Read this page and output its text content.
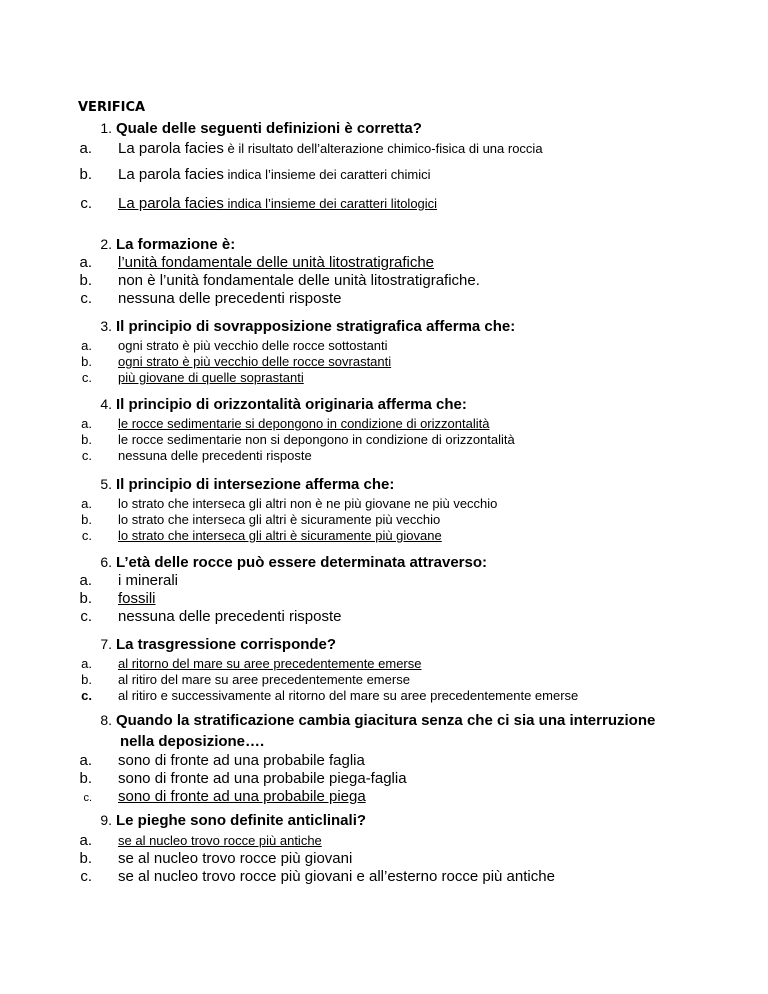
VERIFICA
1. Quale delle seguenti definizioni è corretta?
a.	La parola facies è il risultato dell’alterazione chimico-fisica di una roccia
b.	La parola facies indica l’insieme dei caratteri chimici
c.	La parola facies indica l’insieme dei caratteri litologici
2. La formazione è:
a.	l’unità fondamentale delle unità litostratigrafiche
b.	non è l’unità fondamentale delle unità litostratigrafiche.
c.	nessuna delle precedenti risposte
3. Il principio di sovrapposizione stratigrafica afferma che:
a.	ogni strato è più vecchio delle rocce sottostanti
b.	ogni strato è più vecchio delle rocce sovrastanti
c.	più giovane di quelle soprastanti
4. Il principio di orizzontalità originaria afferma che:
a.	le rocce sedimentarie si depongono in condizione di orizzontalità
b.	le rocce sedimentarie non si depongono in condizione di orizzontalità
c.	nessuna delle precedenti risposte
5. Il principio di intersezione afferma che:
a.	lo strato che interseca gli altri non è ne più giovane ne più vecchio
b.	lo strato che interseca gli altri è sicuramente più vecchio
c.	lo strato che interseca gli altri è sicuramente più giovane
6. L’età delle rocce può essere determinata attraverso:
a.	i minerali
b.	fossili
c.	nessuna delle precedenti risposte
7. La trasgressione corrisponde?
a.	al ritorno del mare su aree precedentemente emerse
b.	al ritiro del mare su aree precedentemente emerse
c.	al ritiro e successivamente al ritorno del mare su aree precedentemente emerse
8. Quando la stratificazione cambia giacitura senza che ci sia una interruzione
nella deposizione….
a.	sono di fronte ad una probabile faglia
b.	sono di fronte ad una probabile piega-faglia
c.	sono di fronte ad una probabile piega
9. Le pieghe sono definite anticlinali?
a.	se al nucleo trovo rocce più antiche
b.	se al nucleo trovo rocce più giovani
c.	se al nucleo trovo rocce più giovani e all’esterno rocce più antiche
